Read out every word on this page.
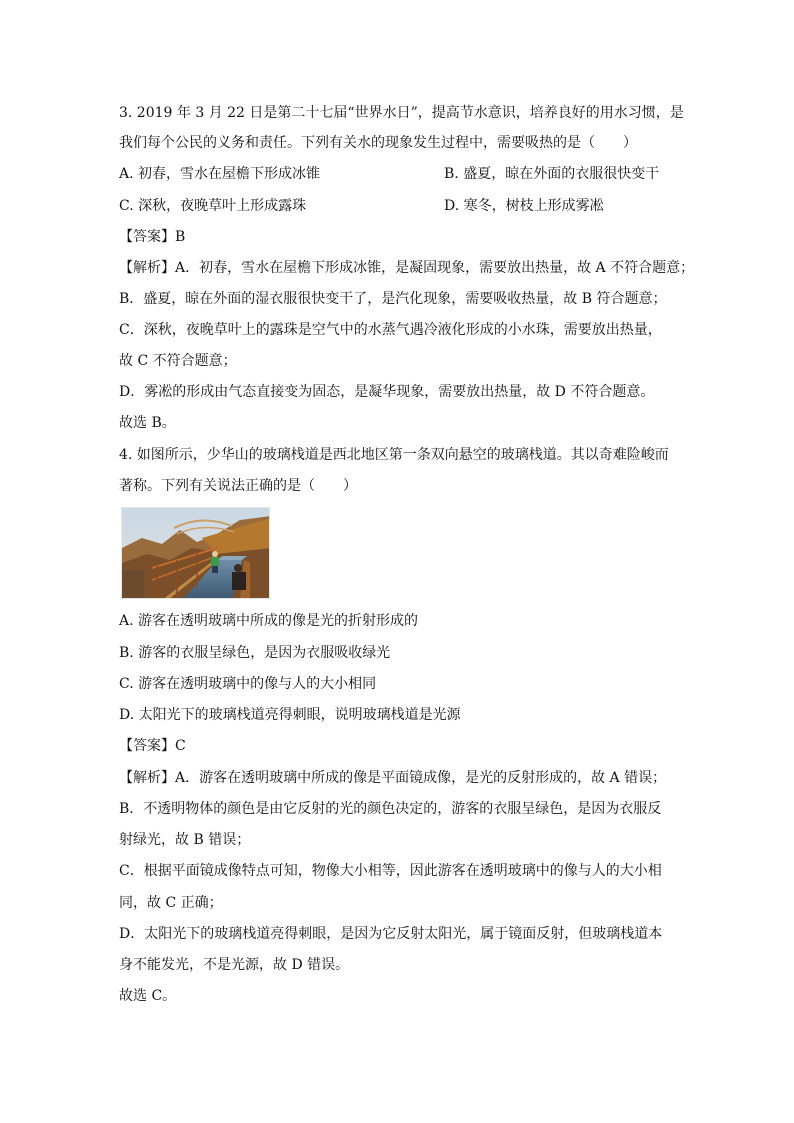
3. 2019 年 3 月 22 日是第二十七届“世界水日”，提高节水意识，培养良好的用水习惯，是
我们每个公民的义务和责任。下列有关水的现象发生过程中，需要吸热的是（　　）
A. 初春，雪水在屋檐下形成冰锥	B. 盛夏，晾在外面的衣服很快变干
C. 深秋，夜晚草叶上形成露珠	D. 寒冬，树枝上形成雾凇
【答案】B
【解析】A．初春，雪水在屋檐下形成冰锥，是凝固现象，需要放出热量，故 A 不符合题意；
B．盛夏，晾在外面的湿衣服很快变干了，是汽化现象，需要吸收热量，故 B 符合题意；
C．深秋，夜晚草叶上的露珠是空气中的水蒸气遇冷液化形成的小水珠，需要放出热量，
故 C 不符合题意；
D．雾凇的形成由气态直接变为固态，是凝华现象，需要放出热量，故 D 不符合题意。
故选 B。
4. 如图所示，少华山的玻璃栈道是西北地区第一条双向悬空的玻璃栈道。其以奇难险峻而
著称。下列有关说法正确的是（　　）
A. 游客在透明玻璃中所成的像是光的折射形成的
B. 游客的衣服呈绿色，是因为衣服吸收绿光
C. 游客在透明玻璃中的像与人的大小相同
D. 太阳光下的玻璃栈道亮得刺眼，说明玻璃栈道是光源
【答案】C
【解析】A．游客在透明玻璃中所成的像是平面镜成像，是光的反射形成的，故 A 错误；
B．不透明物体的颜色是由它反射的光的颜色决定的，游客的衣服呈绿色，是因为衣服反
射绿光，故 B 错误；
C．根据平面镜成像特点可知，物像大小相等，因此游客在透明玻璃中的像与人的大小相
同，故 C 正确；
D．太阳光下的玻璃栈道亮得刺眼，是因为它反射太阳光，属于镜面反射，但玻璃栈道本
身不能发光，不是光源，故 D 错误。
故选 C。
